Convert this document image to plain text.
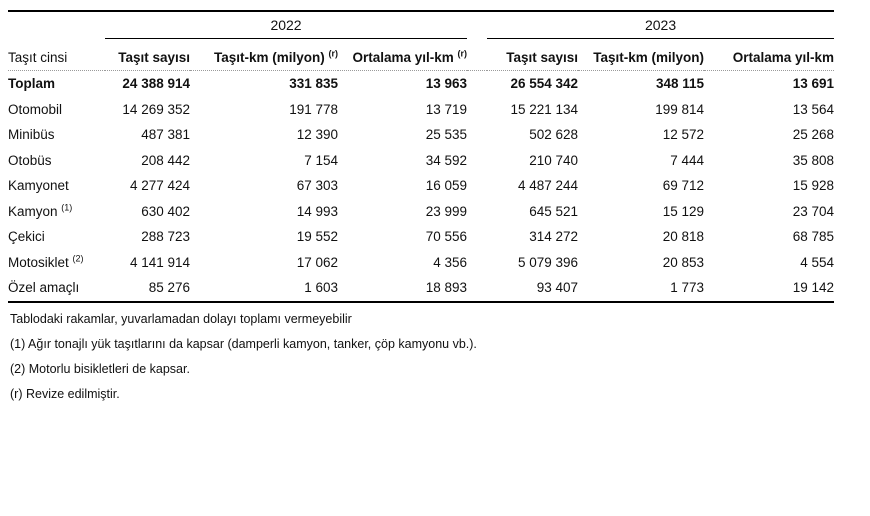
	2022				2023		
Taşıt cinsi	Taşıt sayısı	Taşıt-km (milyon) $^{(r)}$	Ortalama yıl-km $^{(r)}$		Taşıt sayısı	Taşıt-km (milyon)	Ortalama yıl-km
Toplam	24 388 914	331 835	13 963		26 554 342	348 115	13 691
Otomobil	14 269 352	191 778	13 719		15 221 134	199 814	13 564
Minibüs	487 381	12 390	25 535		502 628	12 572	25 268
Otobüs	208 442	7 154	34 592		210 740	7 444	35 808
Kamyonet	4 277 424	67 303	16 059		4 487 244	69 712	15 928
Kamyon $^{(1)}$	630 402	14 993	23 999		645 521	15 129	23 704
Çekici	288 723	19 552	70 556		314 272	20 818	68 785
Motosiklet $^{(2)}$	4 141 914	17 062	4 356		5 079 396	20 853	4 554
Özel amaçlı	85 276	1 603	18 893		93 407	1 773	19 142
Tablodaki rakamlar, yuvarlamadan dolayı toplamı vermeyebilir
(1) Ağır tonajlı yük taşıtlarını da kapsar (damperli kamyon, tanker, çöp kamyonu vb.).
(2) Motorlu bisikletleri de kapsar.
(r) Revize edilmiştir.
